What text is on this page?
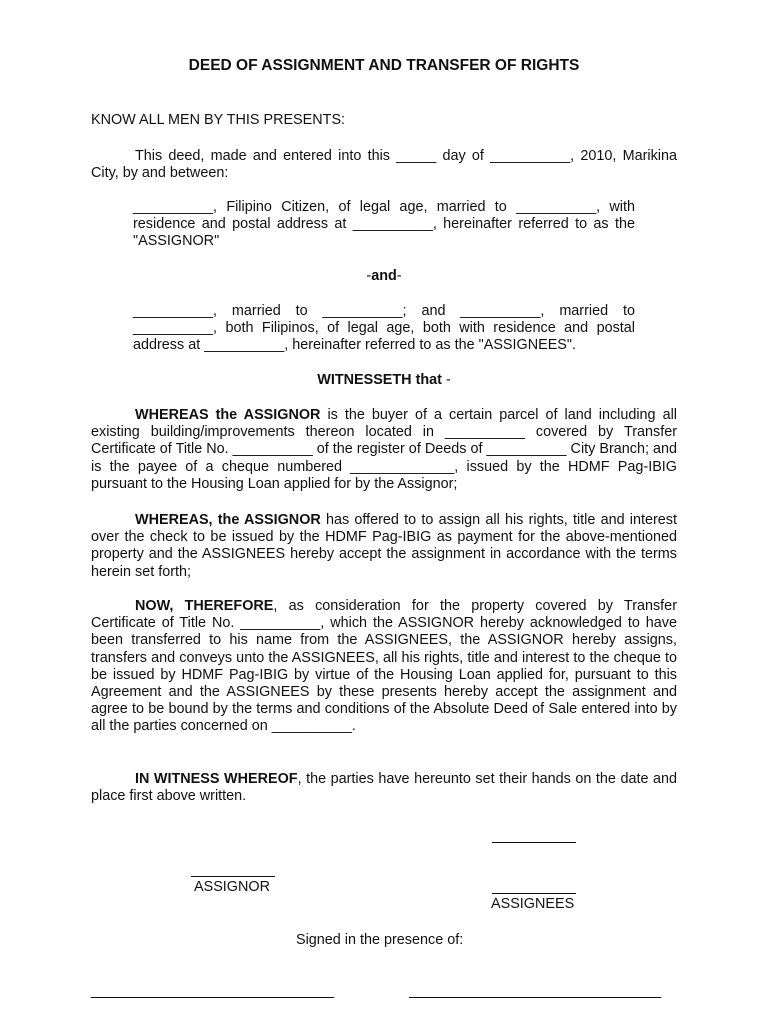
DEED OF ASSIGNMENT AND TRANSFER OF RIGHTS

KNOW ALL MEN BY THIS PRESENTS:

This deed, made and entered into this _____ day of __________, 2010, Marikina City, by and between:

__________, Filipino Citizen, of legal age, married to __________, with residence and postal address at __________, hereinafter referred to as the "ASSIGNOR"

-and-

__________, married to __________; and __________, married to __________, both Filipinos, of legal age, both with residence and postal address at __________, hereinafter referred to as the "ASSIGNEES".

WITNESSETH that -

WHEREAS the ASSIGNOR is the buyer of a certain parcel of land including all existing building/improvements thereon located in __________ covered by Transfer Certificate of Title No. __________ of the register of Deeds of __________ City Branch; and is the payee of a cheque numbered _____________, issued by the HDMF Pag-IBIG pursuant to the Housing Loan applied for by the Assignor;

WHEREAS, the ASSIGNOR has offered to to assign all his rights, title and interest over the check to be issued by the HDMF Pag-IBIG as payment for the above-mentioned property and the ASSIGNEES hereby accept the assignment in accordance with the terms herein set forth;

NOW, THEREFORE, as consideration for the property covered by Transfer Certificate of Title No. __________, which the ASSIGNOR hereby acknowledged to have been transferred to his name from the ASSIGNEES, the ASSIGNOR hereby assigns, transfers and conveys unto the ASSIGNEES, all his rights, title and interest to the cheque to be issued by HDMF Pag-IBIG by virtue of the Housing Loan applied for, pursuant to this Agreement and the ASSIGNEES by these presents hereby accept the assignment and agree to be bound by the terms and conditions of the Absolute Deed of Sale entered into by all the parties concerned on __________.

IN WITNESS WHEREOF, the parties have hereunto set their hands on the date and place first above written.

ASSIGNOR
ASSIGNEES
Signed in the presence of:
